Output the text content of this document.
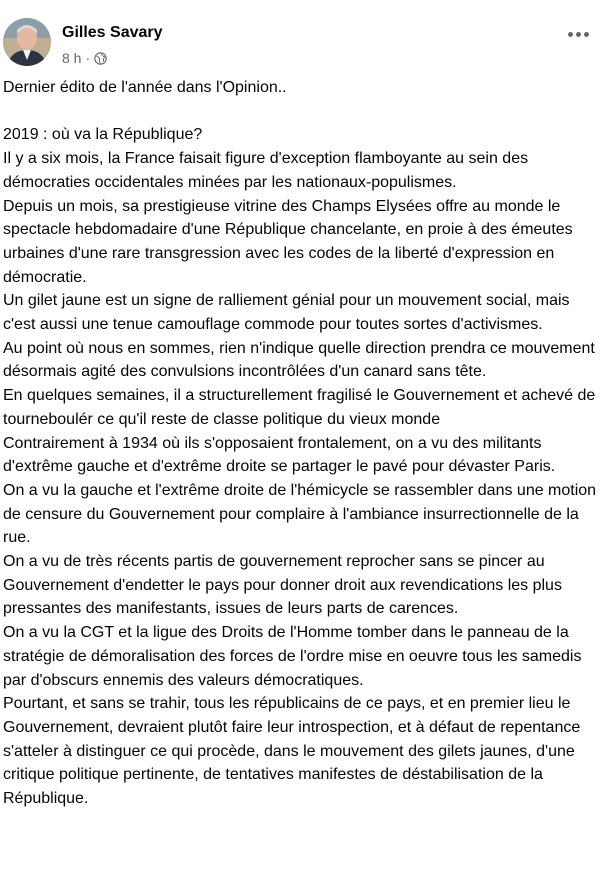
Gilles Savary
8 h ·

Dernier édito de l'année dans l'Opinion..

2019 : où va la République?

Il y a six mois, la France faisait figure d'exception flamboyante au sein des démocraties occidentales minées par les nationaux-populismes.

Depuis un mois, sa prestigieuse vitrine des Champs Elysées offre au monde le spectacle hebdomadaire d'une République chancelante, en proie à des émeutes urbaines d'une rare transgression avec les codes de la liberté d'expression en démocratie.

Un gilet jaune est un signe de ralliement génial pour un mouvement social, mais c'est aussi une tenue camouflage commode pour toutes sortes d'activismes.

Au point où nous en sommes, rien n'indique quelle direction prendra ce mouvement désormais agité des convulsions incontrôlées d'un canard sans tête.

En quelques semaines, il a structurellement fragilisé le Gouvernement et achevé de tourneboulér ce qu'il reste de classe politique du vieux monde

Contrairement à 1934 où ils s'opposaient frontalement, on a vu des militants d'extrême gauche et d'extrême droite se partager le pavé pour dévaster Paris.

On a vu la gauche et l'extrême droite de l'hémicycle se rassembler dans une motion de censure du Gouvernement pour complaire à l'ambiance insurrectionnelle de la rue.

On a vu de très récents partis de gouvernement reprocher sans se pincer au Gouvernement d'endetter le pays pour donner droit aux revendications les plus pressantes des manifestants, issues de leurs parts de carences.

On a vu la CGT et la ligue des Droits de l'Homme tomber dans le panneau de la stratégie de démoralisation des forces de l'ordre mise en oeuvre tous les samedis par d'obscurs ennemis des valeurs démocratiques.

Pourtant, et sans se trahir, tous les républicains de ce pays, et en premier lieu le Gouvernement, devraient plutôt faire leur introspection, et à défaut de repentance s'atteler à distinguer ce qui procède, dans le mouvement des gilets jaunes, d'une critique politique pertinente, de tentatives manifestes de déstabilisation de la République.
